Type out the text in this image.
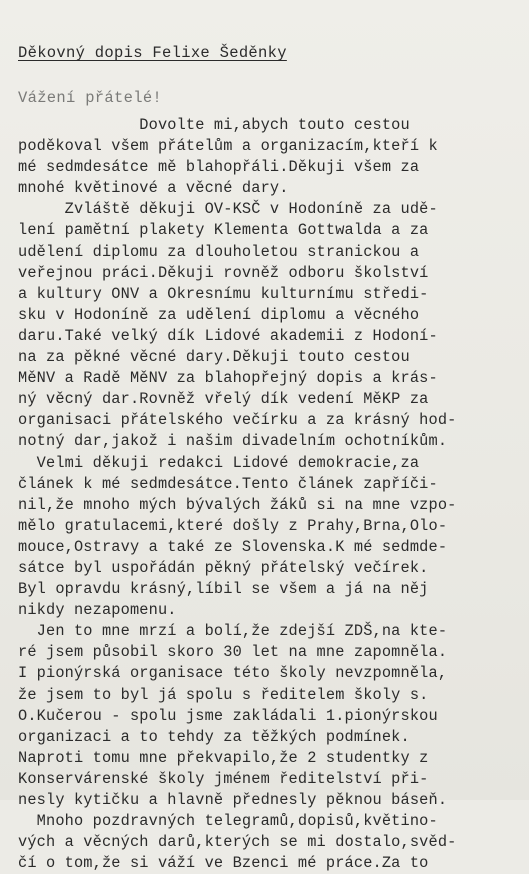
Děkovný dopis Felixe Šeděnky
Vážení přátelé!
Dovolte mi,abych touto cestou
poděkoval všem přátelům a organizacím,kteří k
mé sedmdesátce mě blahopřáli.Děkuji všem za
mnohé květinové a věcné dary.
Zvláště děkuji OV-KSČ v Hodoníně za udě-
lení pamětní plakety Klementa Gottwalda a za
udělení diplomu za dlouholetou stranickou a
veřejnou práci.Děkuji rovněž odboru školství
a kultury ONV a Okresnímu kulturnímu středi-
sku v Hodoníně za udělení diplomu a věcného
daru.Také velký dík Lidové akademii z Hodoní-
na za pěkné věcné dary.Děkuji touto cestou
MěNV a Radě MěNV za blahopřejný dopis a krás-
ný věcný dar.Rovněž vřelý dík vedení MěKP za
organisaci přátelského večírku a za krásný hod-
notný dar,jakož i našim divadelním ochotníkům.
Velmi děkuji redakci Lidové demokracie,za
článek k mé sedmdesátce.Tento článek zapříči-
nil,že mnoho mých bývalých žáků si na mne vzpo-
mělo gratulacemi,které došly z Prahy,Brna,Olo-
mouce,Ostravy a také ze Slovenska.K mé sedmde-
sátce byl uspořádán pěkný přátelský večírek.
Byl opravdu krásný,líbil se všem a já na něj
nikdy nezapomenu.
Jen to mne mrzí a bolí,že zdejší ZDŠ,na kte-
ré jsem působil skoro 30 let na mne zapomněla.
I pionýrská organisace této školy nevzpomněla,
že jsem to byl já spolu s ředitelem školy s.
O.Kučerou - spolu jsme zakládali 1.pionýrskou
organizaci a to tehdy za těžkých podmínek.
Naproti tomu mne překvapilo,že 2 studentky z
Konservárenské školy jménem ředitelství při-
nesly kytičku a hlavně přednesly pěknou báseň.
Mnoho pozdravných telegramů,dopisů,květino-
vých a věcných darů,kterých se mi dostalo,svěd-
čí o tom,že si váží ve Bzenci mé práce.Za to
